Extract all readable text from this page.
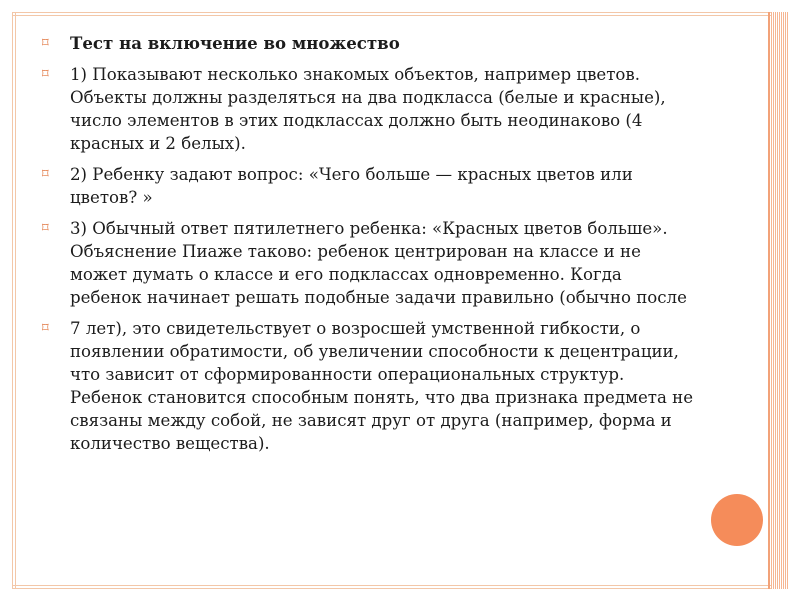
⌑ Тест на включение во множество
⌑ 1) Показывают несколько знакомых объектов, например цветов. Объекты должны разделяться на два подкласса (белые и красные), число элементов в этих подклассах должно быть неодинаково (4 красных и 2 белых).
⌑ 2) Ребенку задают вопрос: «Чего больше — красных цветов или цветов? »
⌑ 3) Обычный ответ пятилетнего ребенка: «Красных цветов больше». Объяснение Пиаже таково: ребенок центрирован на классе и не может думать о классе и его подклассах одновременно. Когда ребенок начинает решать подобные задачи правильно (обычно после
⌑ 7 лет), это свидетельствует о возросшей умственной гибкости, о появлении обратимости, об увеличении способности к децентрации, что зависит от сформированности операциональных структур. Ребенок становится способным понять, что два признака предмета не связаны между собой, не зависят друг от друга (например, форма и количество вещества).
